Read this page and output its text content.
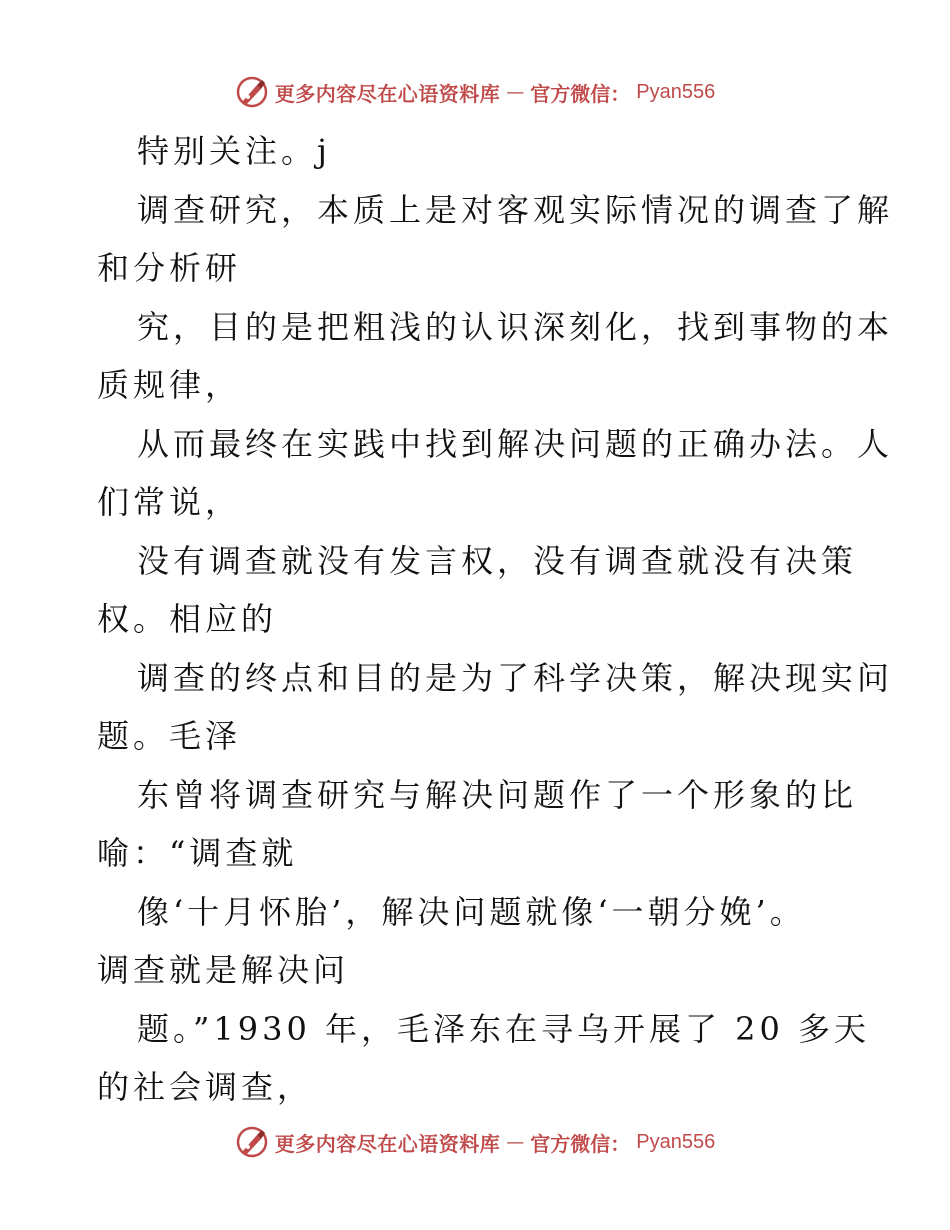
更多内容尽在心语资料库 — 官方微信： Pyan556
特别关注。j
调查研究，本质上是对客观实际情况的调查了解
和分析研
究，目的是把粗浅的认识深刻化，找到事物的本
质规律，
从而最终在实践中找到解决问题的正确办法。人
们常说，
没有调查就没有发言权，没有调查就没有决策
权。相应的
调查的终点和目的是为了科学决策，解决现实问
题。毛泽
东曾将调查研究与解决问题作了一个形象的比
喻：“调查就
像‘十月怀胎’，解决问题就像‘一朝分娩’。
调查就是解决问
题。”1930 年，毛泽东在寻乌开展了 20 多天
的社会调查，
更多内容尽在心语资料库 — 官方微信： Pyan556
